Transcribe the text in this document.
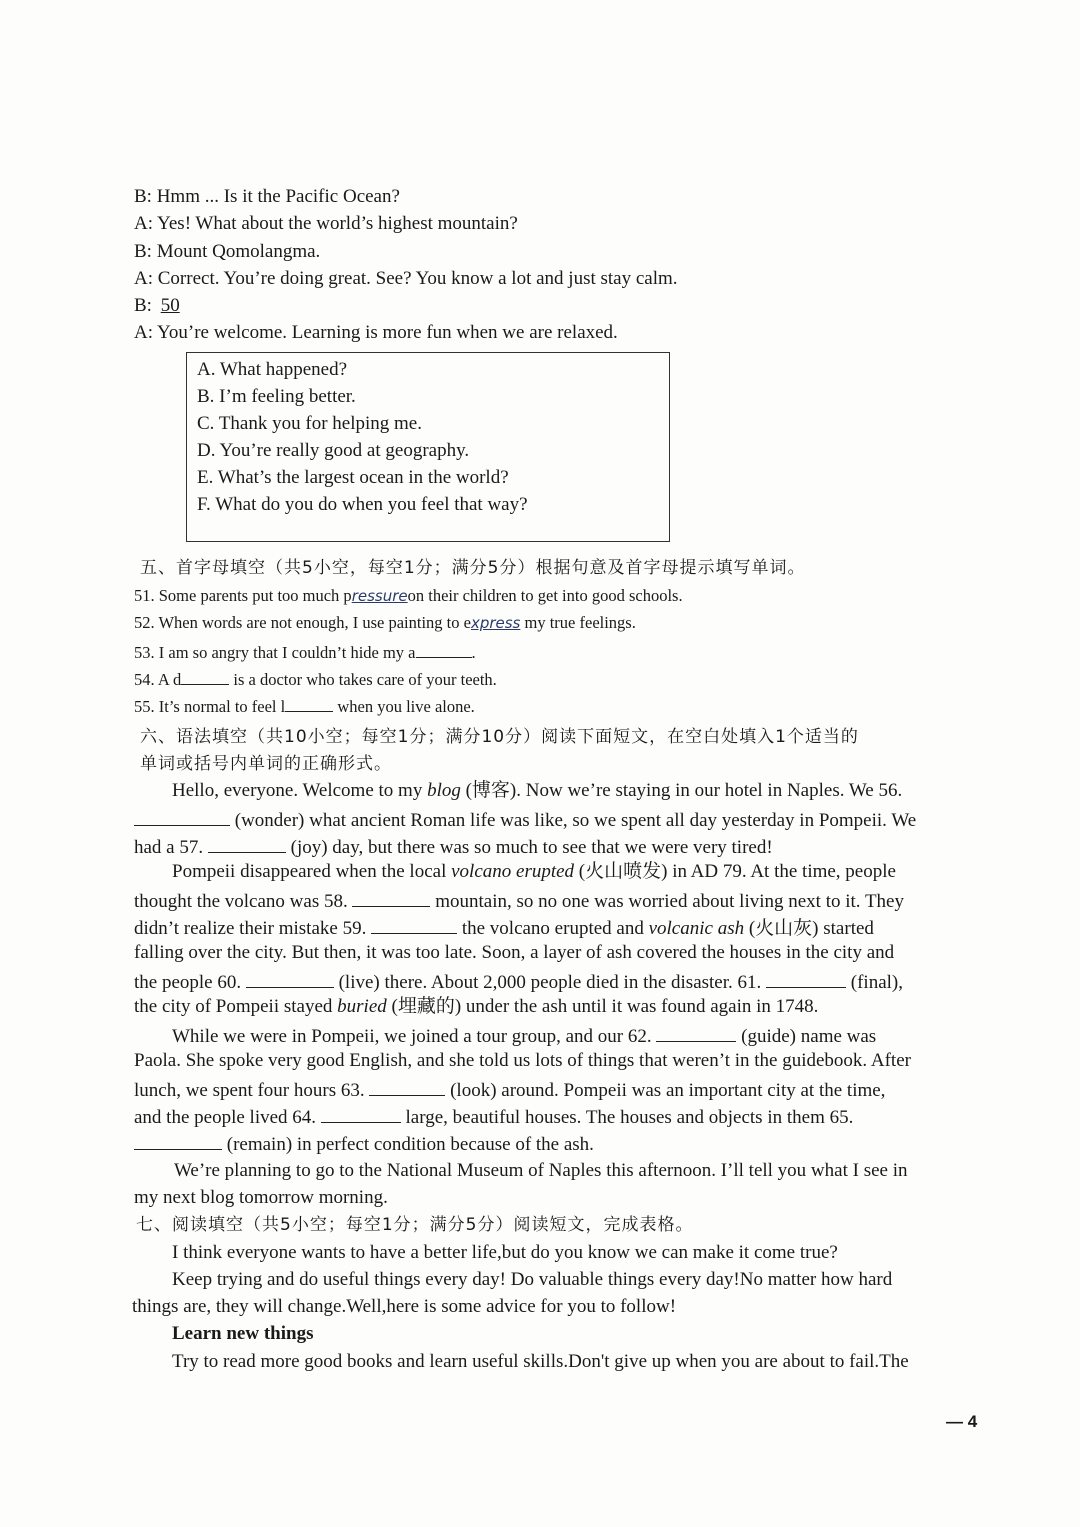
B: Hmm ... Is it the Pacific Ocean?
A: Yes! What about the world’s highest mountain?
B: Mount Qomolangma.
A: Correct. You’re doing great. See? You know a lot and just stay calm.
B: 50
A: You’re welcome. Learning is more fun when we are relaxed.
A. What happened?
B. I’m feeling better.
C. Thank you for helping me.
D. You’re really good at geography.
E. What’s the largest ocean in the world?
F. What do you do when you feel that way?
五、首字母填空（共5小空，每空1分；满分5分）根据句意及首字母提示填写单词。
51. Some parents put too much pressureon their children to get into good schools.
52. When words are not enough, I use painting to express my true feelings.
53. I am so angry that I couldn’t hide my a	.
54. A d	is a doctor who takes care of your teeth.
55. It’s normal to feel l	when you live alone.
六、语法填空（共10小空；每空1分；满分10分）阅读下面短文，在空白处填入1个适当的
单词或括号内单词的正确形式。
Hello, everyone. Welcome to my blog (博客). Now we’re staying in our hotel in Naples. We 56.
(wonder) what ancient Roman life was like, so we spent all day yesterday in Pompeii. We
had a 57.	(joy) day, but there was so much to see that we were very tired!
Pompeii disappeared when the local volcano erupted (火山喷发) in AD 79. At the time, people
thought the volcano was 58.	mountain, so no one was worried about living next to it. They
didn’t realize their mistake 59.	the volcano erupted and volcanic ash (火山灰) started
falling over the city. But then, it was too late. Soon, a layer of ash covered the houses in the city and
the people 60.	(live) there. About 2,000 people died in the disaster. 61.	(final),
the city of Pompeii stayed buried (埋藏的) under the ash until it was found again in 1748.
While we were in Pompeii, we joined a tour group, and our 62.	(guide) name was
Paola. She spoke very good English, and she told us lots of things that weren’t in the guidebook. After
lunch, we spent four hours 63.	(look) around. Pompeii was an important city at the time,
and the people lived 64.	large, beautiful houses. The houses and objects in them 65.
(remain) in perfect condition because of the ash.
We’re planning to go to the National Museum of Naples this afternoon. I’ll tell you what I see in
my next blog tomorrow morning.
七、阅读填空（共5小空；每空1分；满分5分）阅读短文，完成表格。
I think everyone wants to have a better life,but do you know we can make it come true?
Keep trying and do useful things every day! Do valuable things every day!No matter how hard
things are, they will change.Well,here is some advice for you to follow!
Learn new things
Try to read more good books and learn useful skills.Don't give up when you are about to fail.The
— 4
